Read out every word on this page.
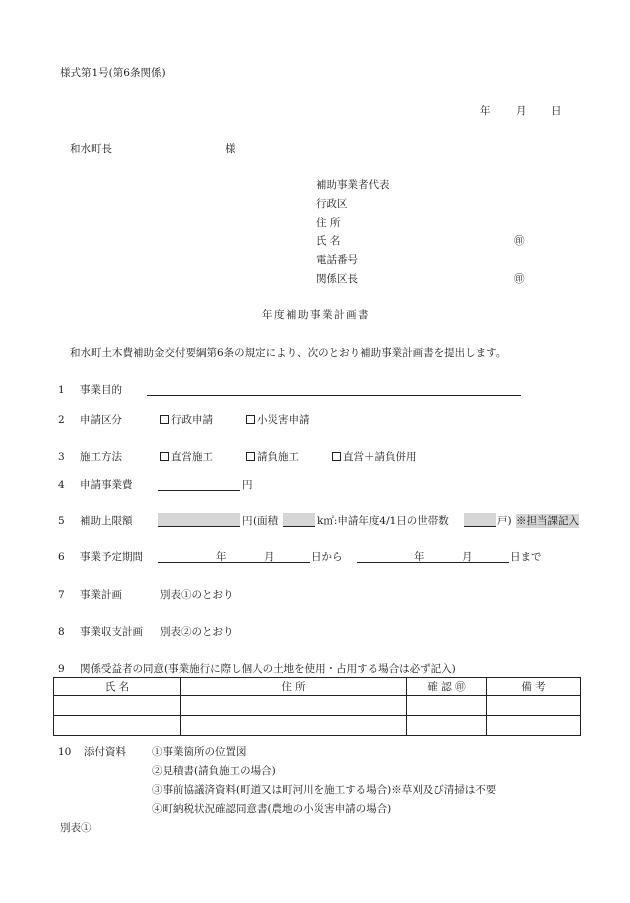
様式第1号(第6条関係)
年 月 日
和水町長	様
補助事業者代表
行政区
住 所
氏 名	㊞
電話番号
関係区長	㊞
年度補助事業計画書
和水町土木費補助金交付要綱第6条の規定により、次のとおり補助事業計画書を提出します。
1 事業目的
2 申請区分	行政申請	小災害申請
3 施工方法	直営施工	請負施工	直営＋請負併用
4 申請事業費	円
5 補助上限額	円 (面積	k㎡:申請年度4/1日の世帯数	戸) ※担当課記入
6 事業予定期間	年	月	日から	年	月	日まで
7 事業計画	別表①のとおり
8 事業収支計画 別表②のとおり
9 関係受益者の同意(事業施行に際し個人の土地を使用・占用する場合は必ず記入)
氏 名	住 所	確 認 ㊞	備 考

10 添付資料 ①事業箇所の位置図
②見積書(請負施工の場合)
③事前協議済資料(町道又は町河川を施工する場合)※草刈及び清掃は不要
④町納税状況確認同意書(農地の小災害申請の場合)
別表①
